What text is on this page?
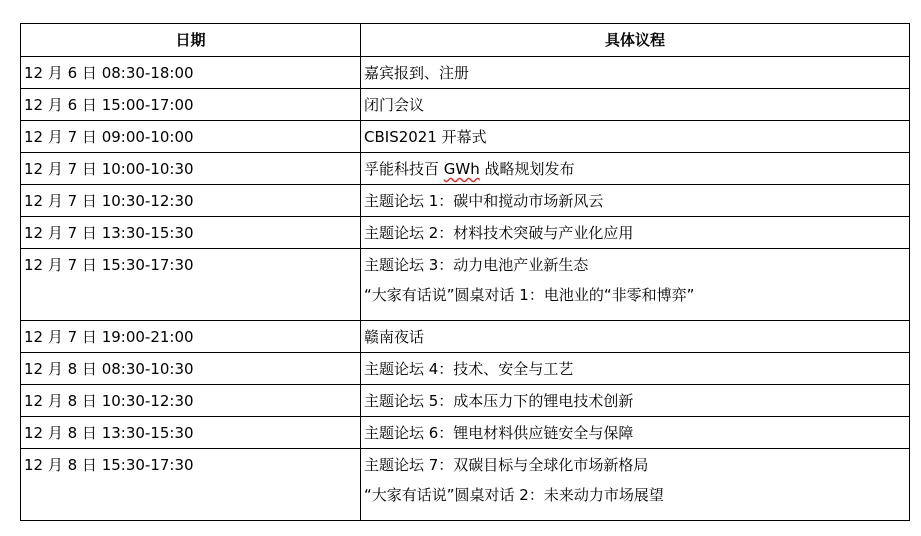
日期	具体议程
12 月 6 日 08:30-18:00	嘉宾报到、注册

12 月 6 日 15:00-17:00	闭门会议

12 月 7 日 09:00-10:00	CBIS2021 开幕式

12 月 7 日 10:00-10:30	孚能科技百 GWh 战略规划发布

12 月 7 日 10:30-12:30	主题论坛 1：碳中和搅动市场新风云

12 月 7 日 13:30-15:30	主题论坛 2：材料技术突破与产业化应用

12 月 7 日 15:30-17:30	主题论坛 3：动力电池产业新生态
“大家有话说”圆桌对话 1：电池业的“非零和博弈”

12 月 7 日 19:00-21:00	赣南夜话

12 月 8 日 08:30-10:30	主题论坛 4：技术、安全与工艺

12 月 8 日 10:30-12:30	主题论坛 5：成本压力下的锂电技术创新

12 月 8 日 13:30-15:30	主题论坛 6：锂电材料供应链安全与保障

12 月 8 日 15:30-17:30	主题论坛 7：双碳目标与全球化市场新格局
“大家有话说”圆桌对话 2：未来动力市场展望
